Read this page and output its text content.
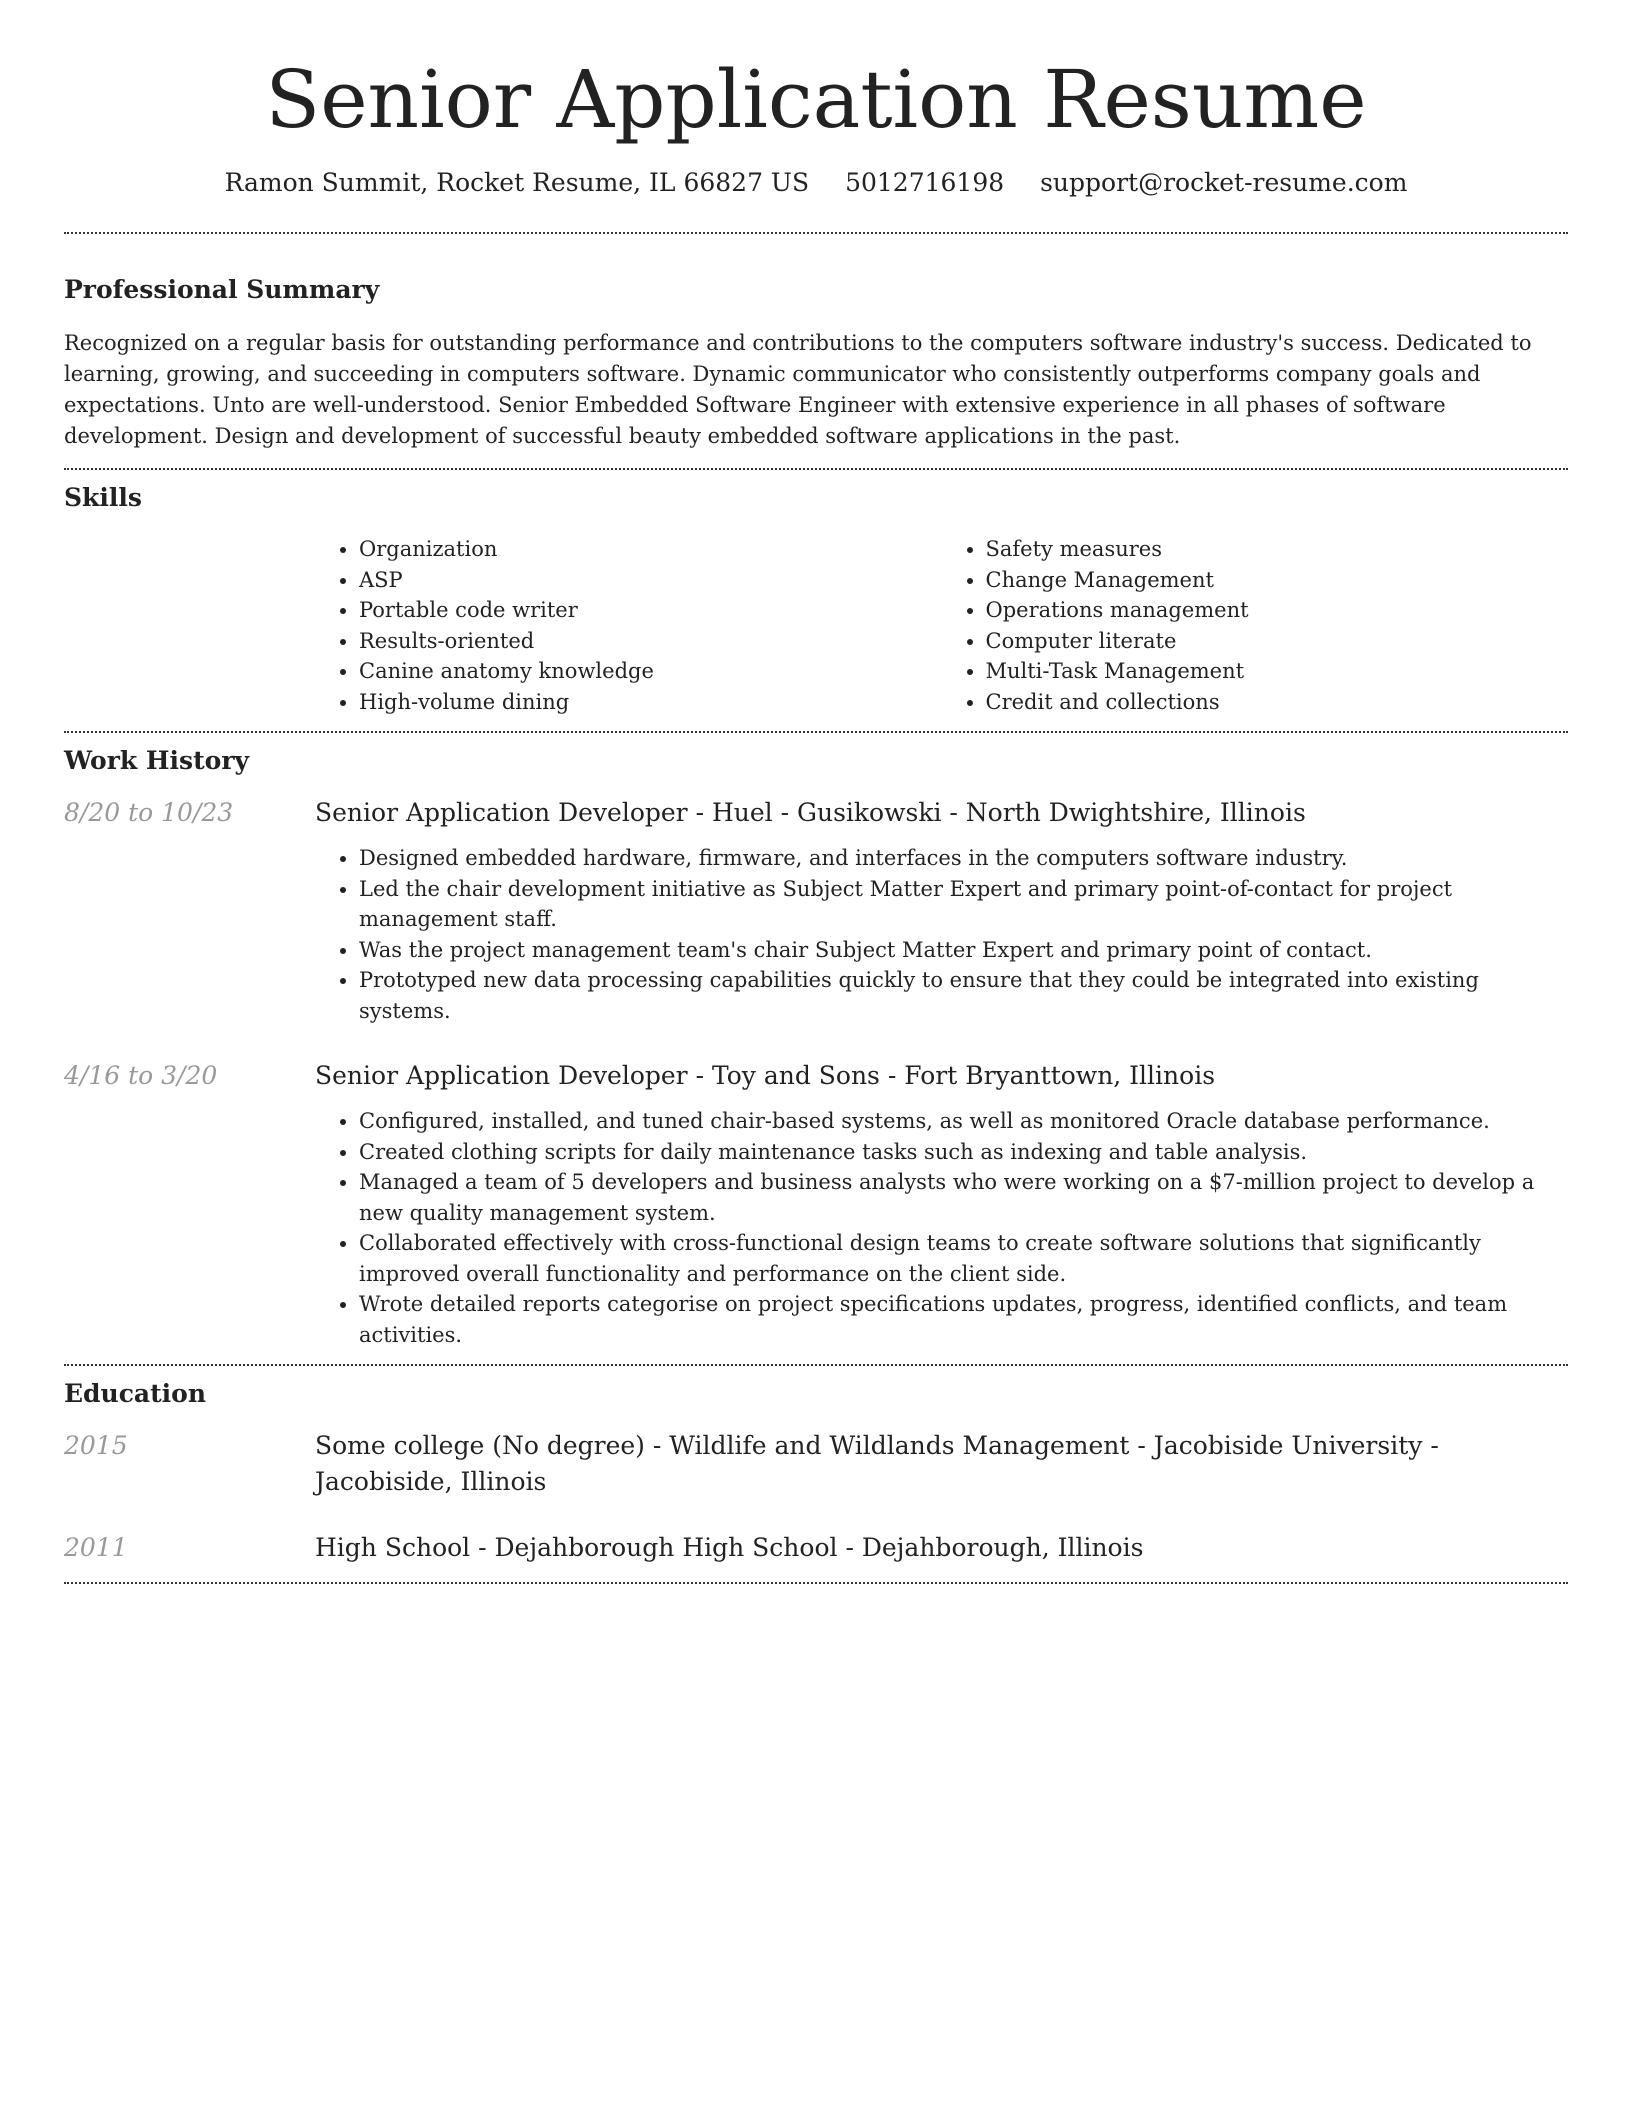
Senior Application Resume
Ramon Summit, Rocket Resume, IL 66827 US 5012716198 support@rocket-resume.com
Professional Summary

Recognized on a regular basis for outstanding performance and contributions to the computers software industry's success. Dedicated to learning, growing, and succeeding in computers software. Dynamic communicator who consistently outperforms company goals and expectations. Unto are well-understood. Senior Embedded Software Engineer with extensive experience in all phases of software development. Design and development of successful beauty embedded software applications in the past.

Skills
• Organization
• ASP
• Portable code writer
• Results-oriented
• Canine anatomy knowledge
• High-volume dining
• Safety measures
• Change Management
• Operations management
• Computer literate
• Multi-Task Management
• Credit and collections
Work History
8/20 to 10/23	Senior Application Developer - Huel - Gusikowski - North Dwightshire, Illinois
• Designed embedded hardware, firmware, and interfaces in the computers software industry.
• Led the chair development initiative as Subject Matter Expert and primary point-of-contact for project management staff.
• Was the project management team's chair Subject Matter Expert and primary point of contact.
• Prototyped new data processing capabilities quickly to ensure that they could be integrated into existing systems.
4/16 to 3/20	Senior Application Developer - Toy and Sons - Fort Bryanttown, Illinois
• Configured, installed, and tuned chair-based systems, as well as monitored Oracle database performance.
• Created clothing scripts for daily maintenance tasks such as indexing and table analysis.
• Managed a team of 5 developers and business analysts who were working on a $7-million project to develop a new quality management system.
• Collaborated effectively with cross-functional design teams to create software solutions that significantly improved overall functionality and performance on the client side.
• Wrote detailed reports categorise on project specifications updates, progress, identified conflicts, and team activities.
Education
2015	Some college (No degree) - Wildlife and Wildlands Management - Jacobiside University - Jacobiside, Illinois
2011	High School - Dejahborough High School - Dejahborough, Illinois
